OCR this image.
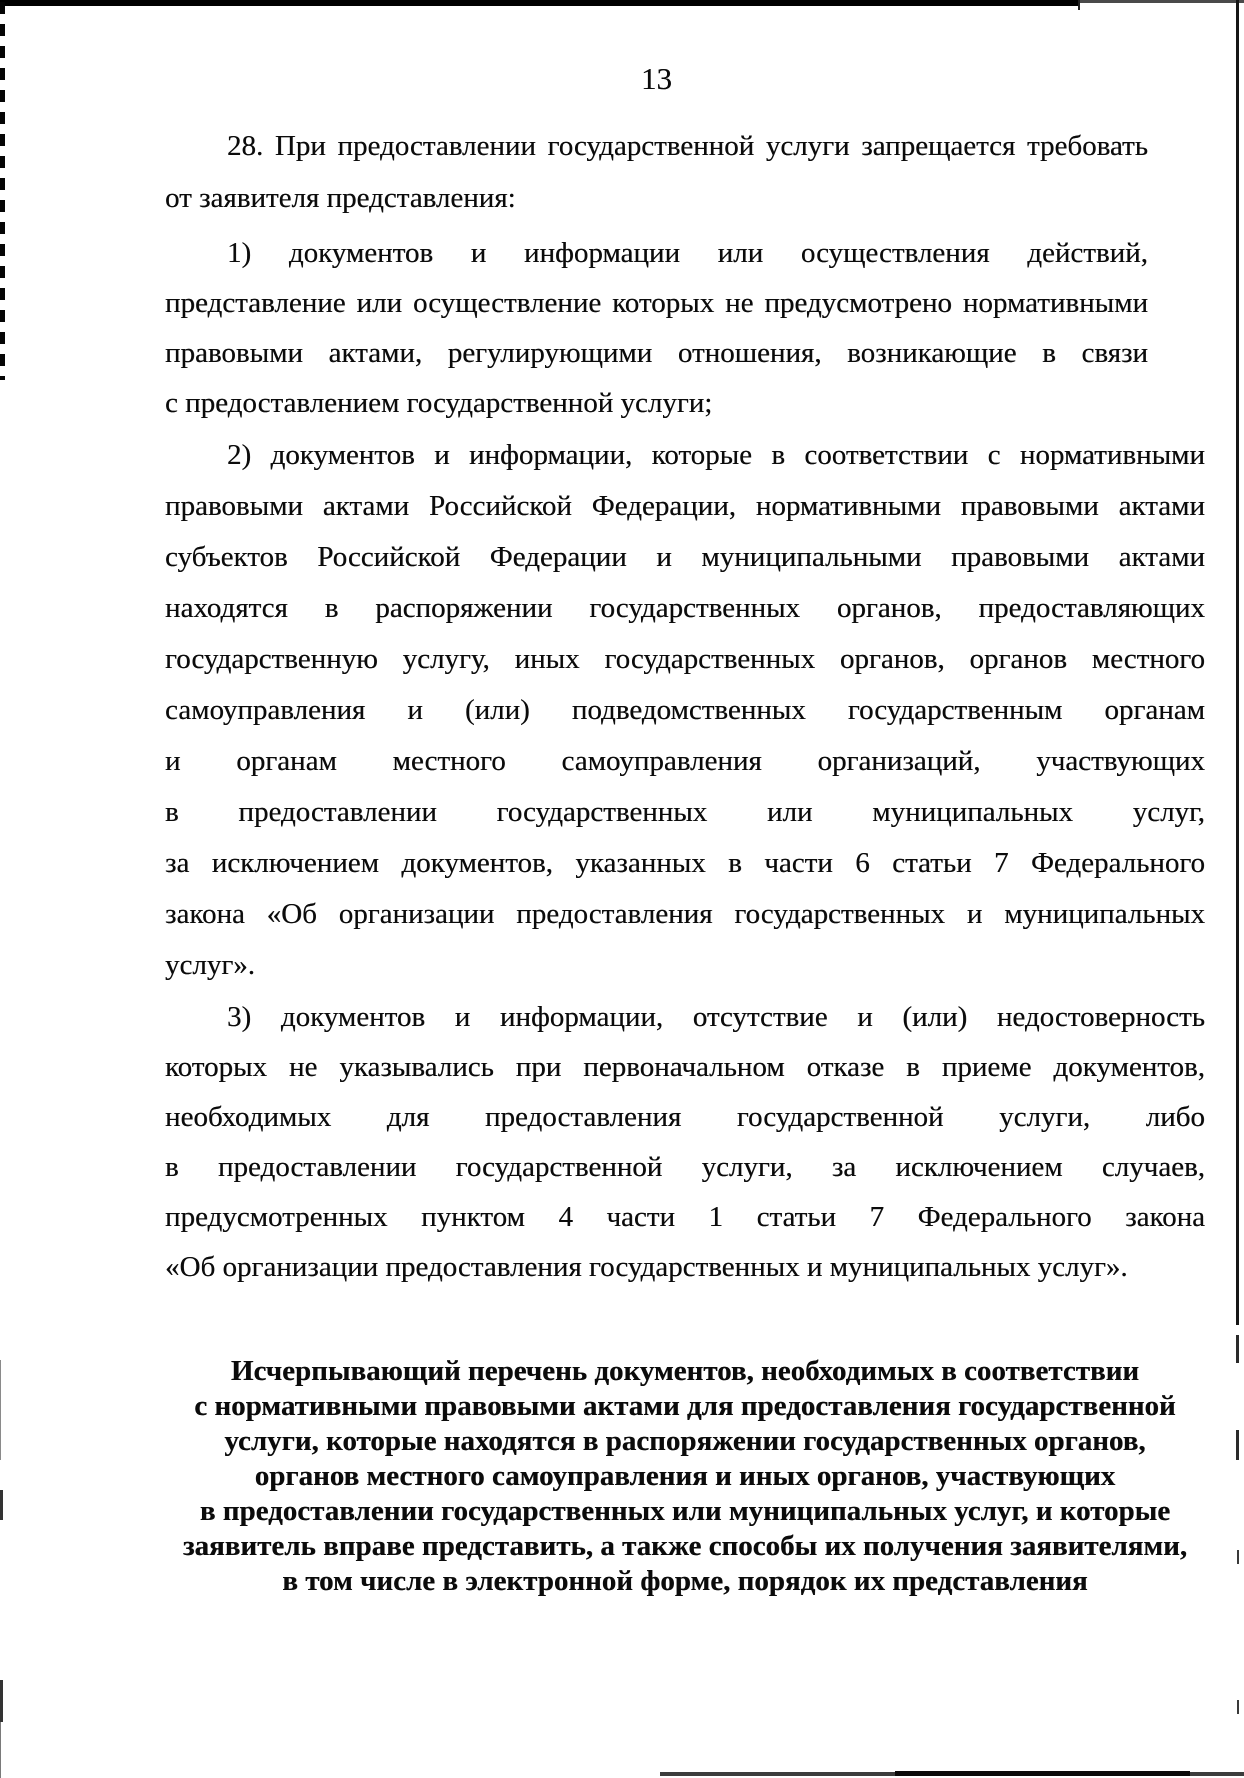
13
28. При предоставлении государственной услуги запрещается требовать
от заявителя представления:
1) документов и информации или осуществления действий,
представление или осуществление которых не предусмотрено нормативными
правовыми актами, регулирующими отношения, возникающие в связи
с предоставлением государственной услуги;
2) документов и информации, которые в соответствии с нормативными
правовыми актами Российской Федерации, нормативными правовыми актами
субъектов Российской Федерации и муниципальными правовыми актами
находятся в распоряжении государственных органов, предоставляющих
государственную услугу, иных государственных органов, органов местного
самоуправления и (или) подведомственных государственным органам
и органам местного самоуправления организаций, участвующих
в предоставлении государственных или муниципальных услуг,
за исключением документов, указанных в части 6 статьи 7 Федерального
закона «Об организации предоставления государственных и муниципальных
услуг».
3) документов и информации, отсутствие и (или) недостоверность
которых не указывались при первоначальном отказе в приеме документов,
необходимых для предоставления государственной услуги, либо
в предоставлении государственной услуги, за исключением случаев,
предусмотренных пунктом 4 части 1 статьи 7 Федерального закона
«Об организации предоставления государственных и муниципальных услуг».
Исчерпывающий перечень документов, необходимых в соответствии
с нормативными правовыми актами для предоставления государственной
услуги, которые находятся в распоряжении государственных органов,
органов местного самоуправления и иных органов, участвующих
в предоставлении государственных или муниципальных услуг, и которые
заявитель вправе представить, а также способы их получения заявителями,
в том числе в электронной форме, порядок их представления
